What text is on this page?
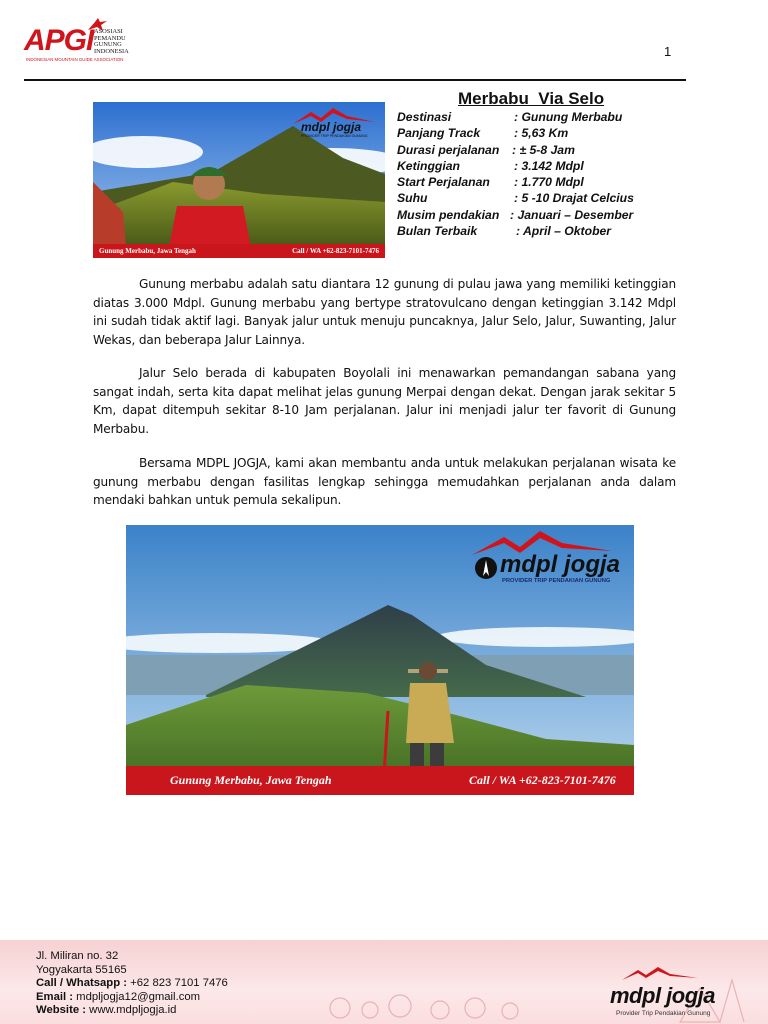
APGI ASOSIASI
PEMANDU
GUNUNG
INDONESIA
INDONESIAN MOUNTAIN GUIDE ASSOCIATION
1
mdpl jogja
PROVIDER TRIP PENDAKIAN GUNUNG
Gunung Merbabu, Jawa Tengah	Call / WA +62-823-7101-7476
Merbabu  Via Selo
Destinasi	: Gunung Merbabu
Panjang Track	: 5,63 Km
Durasi perjalanan : ± 5-8 Jam
Ketinggian	: 3.142 Mdpl
Start Perjalanan : 1.770 Mdpl
Suhu	: 5 -10 Drajat Celcius
Musim pendakian : Januari – Desember
Bulan Terbaik	: April – Oktober

Gunung merbabu adalah satu diantara 12 gunung di pulau jawa yang memiliki ketinggian diatas 3.000 Mdpl. Gunung merbabu yang bertype stratovulcano dengan ketinggian 3.142 Mdpl ini sudah tidak aktif lagi. Banyak jalur untuk menuju puncaknya, Jalur Selo, Jalur, Suwanting, Jalur Wekas, dan beberapa Jalur Lainnya.

Jalur Selo berada di kabupaten Boyolali ini menawarkan pemandangan sabana yang sangat indah, serta kita dapat melihat jelas gunung Merpai dengan dekat. Dengan jarak sekitar 5 Km, dapat ditempuh sekitar 8-10 Jam perjalanan. Jalur ini menjadi jalur ter favorit di Gunung Merbabu.

Bersama MDPL JOGJA, kami akan membantu anda untuk melakukan perjalanan wisata ke gunung merbabu dengan fasilitas lengkap sehingga memudahkan perjalanan anda dalam mendaki bahkan untuk pemula sekalipun.

mdpl jogja
PROVIDER TRIP PENDAKIAN GUNUNG
Gunung Merbabu, Jawa Tengah	Call / WA +62-823-7101-7476
Jl. Miliran no. 32
Yogyakarta 55165
Call / Whatsapp : +62 823 7101 7476
Email : mdpljogja12@gmail.com
Website : www.mdpljogja.id
mdpl jogja
Provider Trip Pendakian Gunung
